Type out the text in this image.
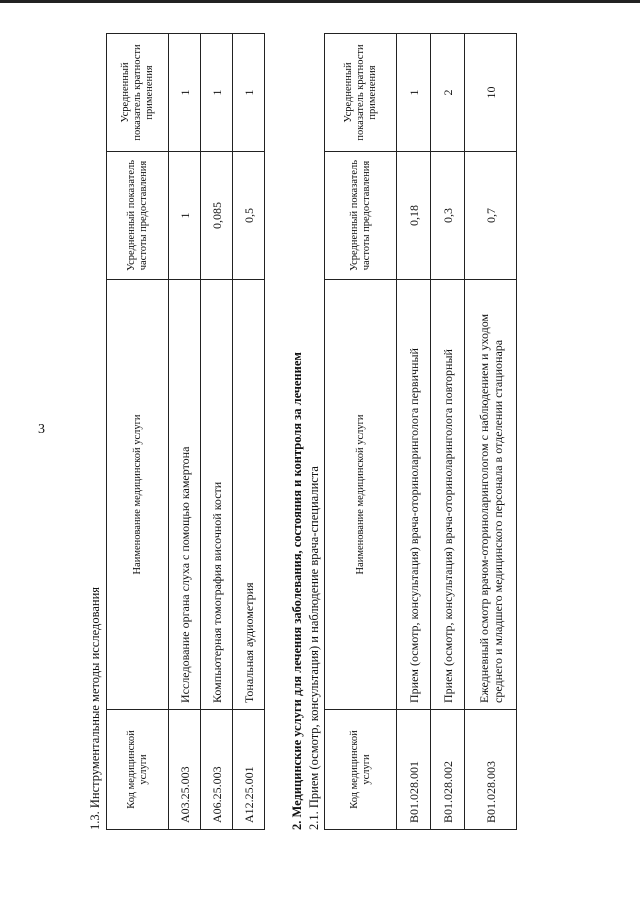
3
1.3. Инструментальные методы исследования Код медицинской услуги	Наименование медицинской услуги	Усредненный показатель частоты предоставления	Усредненный показатель кратности применения
A03.25.003	Исследование органа слуха с помощью камертона	1	1
A06.25.003	Компьютерная томография височной кости	0,085	1
A12.25.001	Тональная аудиометрия	0,5	1
2. Медицинские услуги для лечения заболевания, состояния и контроля за лечением 2.1. Прием (осмотр, консультация) и наблюдение врача-специалиста	Код медицинской услуги	Наименование медицинской услуги	Усредненный показатель частоты предоставления	Усредненный показатель кратности применения
B01.028.001	Прием (осмотр, консультация) врача-оториноларинголога первичный	0,18	1
B01.028.002	Прием (осмотр, консультация) врача-оториноларинголога повторный	0,3	2
B01.028.003	Ежедневный осмотр врачом-оториноларингологом с наблюдением и уходом среднего и младшего медицинского персонала в отделении стационара	0,7	10
